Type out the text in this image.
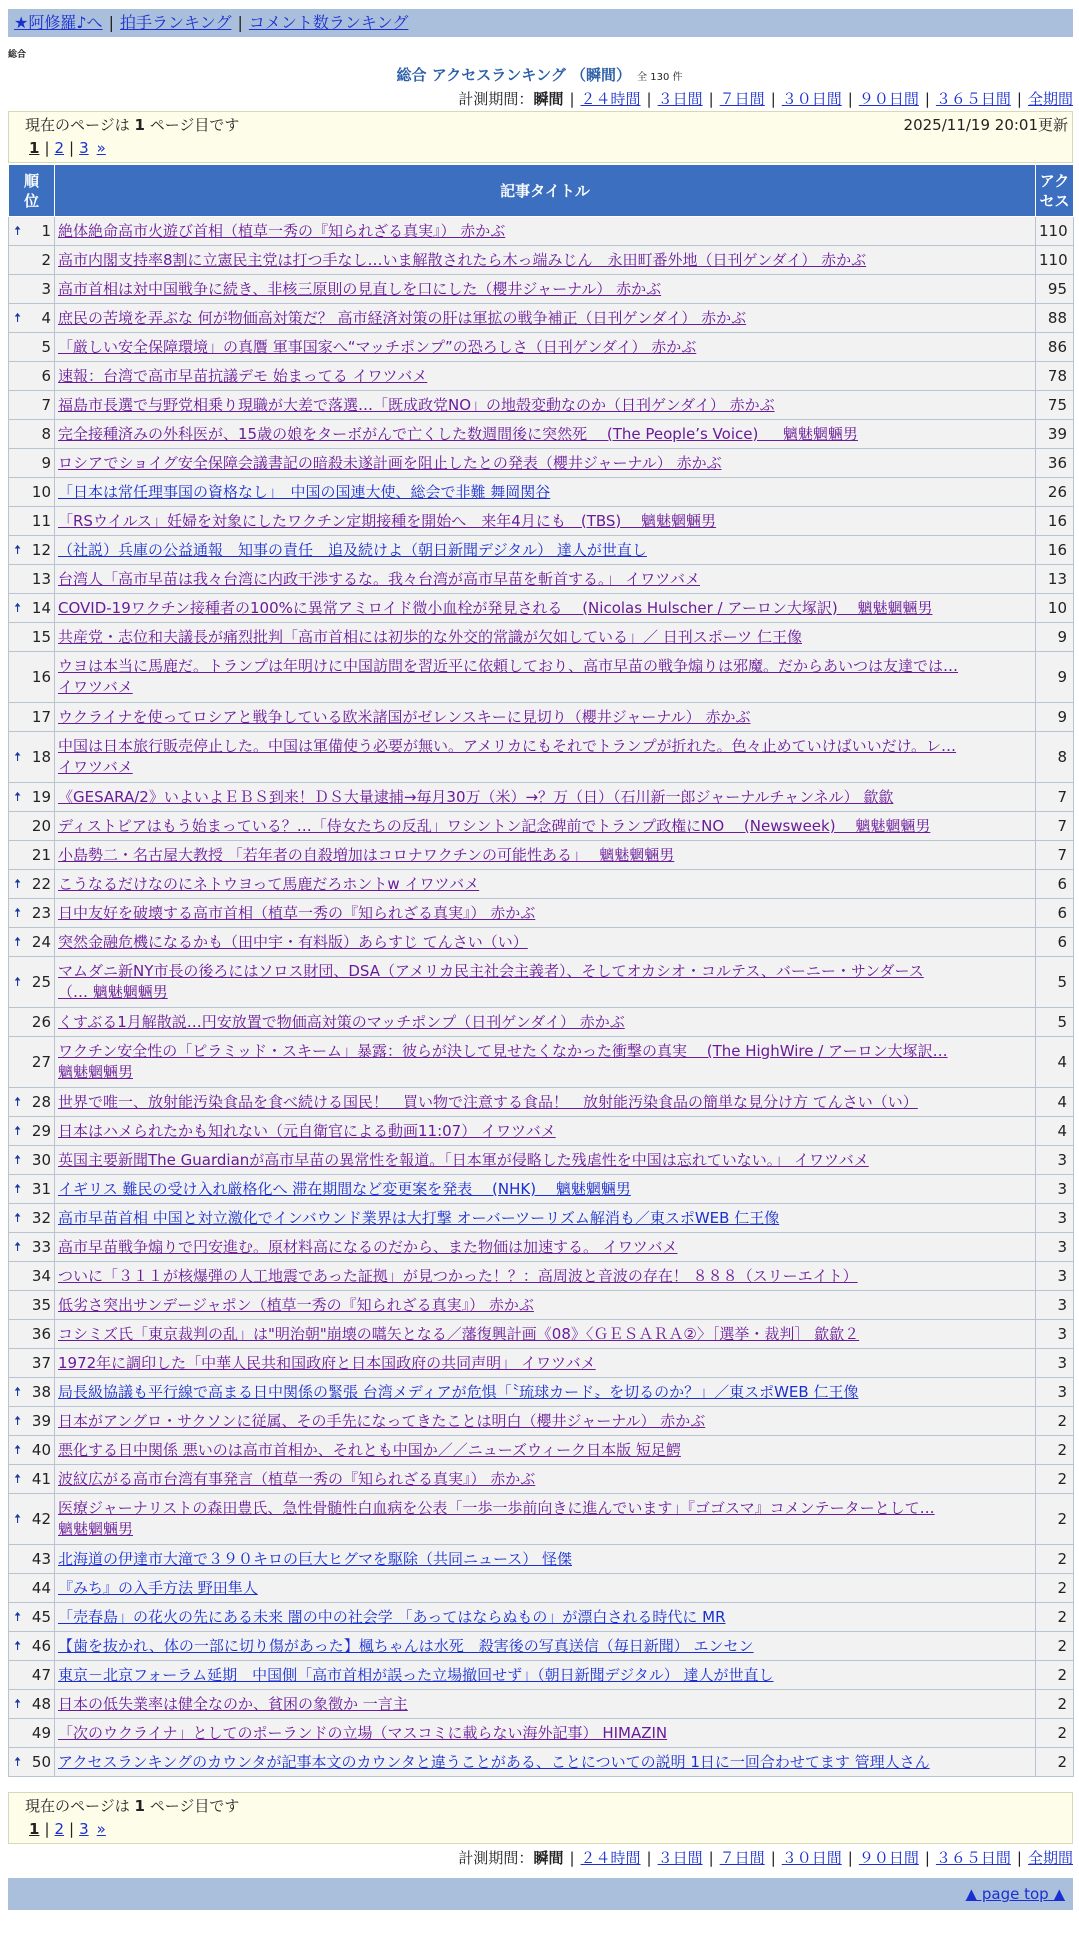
★阿修羅♪へ | 拍手ランキング | コメント数ランキング
総合
総合 アクセスランキング （瞬間） 全 130 件
計測期間：瞬間 | ２４時間 | ３日間 | ７日間 | ３０日間 | ９０日間 | ３６５日間 | 全期間
現在のページは 1 ページ目です	2025/11/19 20:01更新
1 | 2 | 3 »
順位	記事タイトル	アクセス

🠅 1	絶体絶命高市火遊び首相（植草一秀の『知られざる真実』） 赤かぶ	110
2	高市内閣支持率8割に立憲民主党は打つ手なし…いま解散されたら木っ端みじん　永田町番外地（日刊ゲンダイ） 赤かぶ	110
3	高市首相は対中国戦争に続き、非核三原則の見直しを口にした（櫻井ジャーナル） 赤かぶ	95

🠅 4	庶民の苦境を弄ぶな 何が物価高対策だ？ 高市経済対策の肝は軍拡の戦争補正（日刊ゲンダイ） 赤かぶ	88
5	「厳しい安全保障環境」の真贋 軍事国家へ“マッチポンプ”の恐ろしさ（日刊ゲンダイ） 赤かぶ	86
6	速報：台湾で高市早苗抗議デモ 始まってる イワツバメ	78
7	福島市長選で与野党相乗り現職が大差で落選…「既成政党NO」の地殻変動なのか（日刊ゲンダイ） 赤かぶ	75
8	完全接種済みの外科医が、15歳の娘をターボがんで亡くした数週間後に突然死 　(The People’s Voice) 　 魑魅魍魎男	39
9	ロシアでショイグ安全保障会議書記の暗殺未遂計画を阻止したとの発表（櫻井ジャーナル） 赤かぶ	36
10	「日本は常任理事国の資格なし」　中国の国連大使、総会で非難 舞岡関谷	26
11	「RSウイルス」妊婦を対象にしたワクチン定期接種を開始へ　来年4月にも　(TBS)　 魑魅魍魎男	16

🠅 12	（社説）兵庫の公益通報　知事の責任　追及続けよ（朝日新聞デジタル） 達人が世直し	16
13	台湾人「高市早苗は我々台湾に内政干渉するな。我々台湾が高市早苗を斬首する。」 イワツバメ	13

🠅 14	COVID-19ワクチン接種者の100%に異常アミロイド微小血栓が発見される　 (Nicolas Hulscher / アーロン大塚訳)　 魑魅魍魎男	10
15	共産党・志位和夫議長が痛烈批判「高市首相には初歩的な外交的常識が欠如している」／ 日刊スポーツ 仁王像	9
16	ウヨは本当に馬鹿だ。トランプは年明けに中国訪問を習近平に依頼しており、高市早苗の戦争煽りは邪魔。だからあいつは友達では…
イワツバメ	9
17	ウクライナを使ってロシアと戦争している欧米諸国がゼレンスキーに見切り（櫻井ジャーナル） 赤かぶ	9

🠅 18	中国は日本旅行販売停止した。中国は軍備使う必要が無い。アメリカにもそれでトランプが折れた。色々止めていけばいいだけ。レ…
イワツバメ	8

🠅 19	《GESARA/2》いよいよＥＢＳ到来！ＤＳ大量逮捕→毎月30万（米）→？万（日）（石川新一郎ジャーナルチャンネル） 歙歙	7
20	ディストピアはもう始まっている？…「侍女たちの反乱」ワシントン記念碑前でトランプ政権にNO　 (Newsweek)　 魑魅魍魎男	7
21	小島勢二・名古屋大教授 「若年者の自殺増加はコロナワクチンの可能性ある」　 魑魅魍魎男	7

🠅 22	こうなるだけなのにネトウヨって馬鹿だろホントw イワツバメ	6

🠅 23	日中友好を破壊する高市首相（植草一秀の『知られざる真実』） 赤かぶ	6

🠅 24	突然金融危機になるかも（田中宇・有料版）あらすじ てんさい（い）	6

🠅 25	マムダニ新NY市長の後ろにはソロス財団、DSA（アメリカ民主社会主義者）、そしてオカシオ・コルテス、バーニー・サンダース
（… 魑魅魍魎男	5
26	くすぶる1月解散説…円安放置で物価高対策のマッチポンプ（日刊ゲンダイ） 赤かぶ	5
27	ワクチン安全性の「ピラミッド・スキーム」暴露：彼らが決して見せたくなかった衝撃の真実　 (The HighWire / アーロン大塚訳…
魑魅魍魎男	4

🠅 28	世界で唯一、放射能汚染食品を食べ続ける国民！　買い物で注意する食品！　放射能汚染食品の簡単な見分け方 てんさい（い）	4

🠅 29	日本はハメられたかも知れない（元自衛官による動画11:07） イワツバメ	4

🠅 30	英国主要新聞The Guardianが高市早苗の異常性を報道。「日本軍が侵略した残虐性を中国は忘れていない。」 イワツバメ	3

🠅 31	イギリス 難民の受け入れ厳格化へ 滞在期間など変更案を発表　 (NHK)　 魑魅魍魎男	3

🠅 32	高市早苗首相 中国と対立激化でインバウンド業界は大打撃 オーバーツーリズム解消も／東スポWEB 仁王像	3

🠅 33	高市早苗戦争煽りで円安進む。原材料高になるのだから、また物価は加速する。 イワツバメ	3
34	ついに「３１１が核爆弾の人工地震であった証拠」が見つかった！？：高周波と音波の存在！ ８８８（スリーエイト）	3
35	低劣さ突出サンデージャポン（植草一秀の『知られざる真実』） 赤かぶ	3
36	コシミズ氏「東京裁判の乱」は"明治朝"崩壊の嚆矢となる／藩復興計画《08》〈ＧＥＳＡＲＡ②〉［選挙・裁判］ 歙歙２	3
37	1972年に調印した「中華人民共和国政府と日本国政府の共同声明」 イワツバメ	3

🠅 38	局長級協議も平行線で高まる日中関係の緊張 台湾メディアが危惧「〝琉球カード〟を切るのか？」／東スポWEB 仁王像	3

🠅 39	日本がアングロ・サクソンに従属、その手先になってきたことは明白（櫻井ジャーナル） 赤かぶ	2

🠅 40	悪化する日中関係 悪いのは高市首相か、それとも中国か／／ニューズウィーク日本版 短足鰐	2

🠅 41	波紋広がる高市台湾有事発言（植草一秀の『知られざる真実』） 赤かぶ	2

🠅 42	医療ジャーナリストの森田豊氏、急性骨髄性白血病を公表「一歩一歩前向きに進んでいます」『ゴゴスマ』コメンテーターとして…
魑魅魍魎男	2
43	北海道の伊達市大滝で３９０キロの巨大ヒグマを駆除（共同ニュース） 怪傑	2
44	『みち』の入手方法 野田隼人	2

🠅 45	「売春島」の花火の先にある未来 闇の中の社会学 「あってはならぬもの」が漂白される時代に MR	2

🠅 46	【歯を抜かれ、体の一部に切り傷があった】楓ちゃんは水死　殺害後の写真送信（毎日新聞） エンセン	2
47	東京－北京フォーラム延期　中国側「高市首相が誤った立場撤回せず」（朝日新聞デジタル） 達人が世直し	2

🠅 48	日本の低失業率は健全なのか、貧困の象徴か 一言主	2
49	「次のウクライナ」としてのポーランドの立場（マスコミに載らない海外記事） HIMAZIN	2

🠅 50	アクセスランキングのカウンタが記事本文のカウンタと違うことがある、ことについての説明 1日に一回合わせてます 管理人さん	2
現在のページは 1 ページ目です
1 | 2 | 3 »
計測期間：瞬間 | ２４時間 | ３日間 | ７日間 | ３０日間 | ９０日間 | ３６５日間 | 全期間
▲ page top ▲
